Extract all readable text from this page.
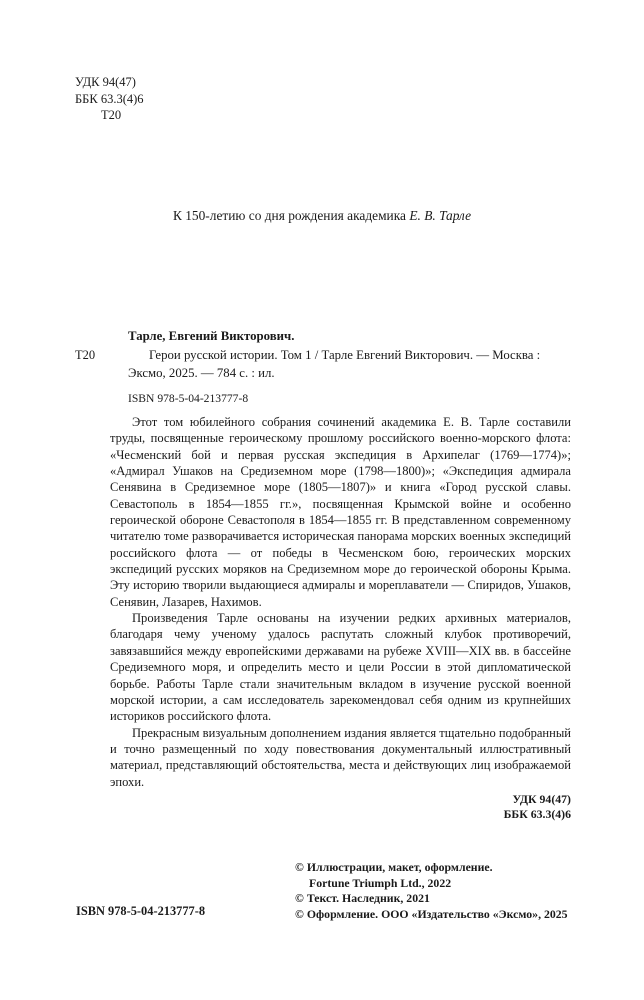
УДК 94(47)
ББК 63.3(4)6
Т20
К 150-летию со дня рождения академика Е. В. Тарле
Т20
Тарле, Евгений Викторович.
Герои русской истории. Том 1 / Тарле Евгений Викторович. — Москва : Эксмо, 2025. — 784 с. : ил.
ISBN 978-5-04-213777-8

Этот том юбилейного собрания сочинений академика Е. В. Тарле составили труды, посвященные героическому прошлому российского военно-морского флота: «Чесменский бой и первая русская экспедиция в Архипелаг (1769—1774)»; «Адмирал Ушаков на Средиземном море (1798—1800)»; «Экспедиция адмирала Сенявина в Средиземное море (1805—1807)» и книга «Город русской славы. Севастополь в 1854—1855 гг.», посвященная Крымской войне и особенно героической обороне Севастополя в 1854—1855 гг. В представленном современному читателю томе разворачивается историческая панорама морских военных экспедиций российского флота — от победы в Чесменском бою, героических морских экспедиций русских моряков на Средиземном море до героической обороны Крыма. Эту историю творили выдающиеся адмиралы и мореплаватели — Спиридов, Ушаков, Сенявин, Лазарев, Нахимов.

Произведения Тарле основаны на изучении редких архивных материалов, благодаря чему ученому удалось распутать сложный клубок противоречий, завязавшийся между европейскими державами на рубеже XVIII—XIX вв. в бассейне Средиземного моря, и определить место и цели России в этой дипломатической борьбе. Работы Тарле стали значительным вкладом в изучение русской военной морской истории, а сам исследователь зарекомендовал себя одним из крупнейших историков российского флота.

Прекрасным визуальным дополнением издания является тщательно подобранный и точно размещенный по ходу повествования документальный иллюстративный материал, представляющий обстоятельства, места и действующих лиц изображаемой эпохи.

УДК 94(47)
ББК 63.3(4)6
© Иллюстрации, макет, оформление.
Fortune Triumph Ltd., 2022
© Текст. Наследник, 2021
© Оформление. ООО «Издательство «Эксмо», 2025
ISBN 978-5-04-213777-8
